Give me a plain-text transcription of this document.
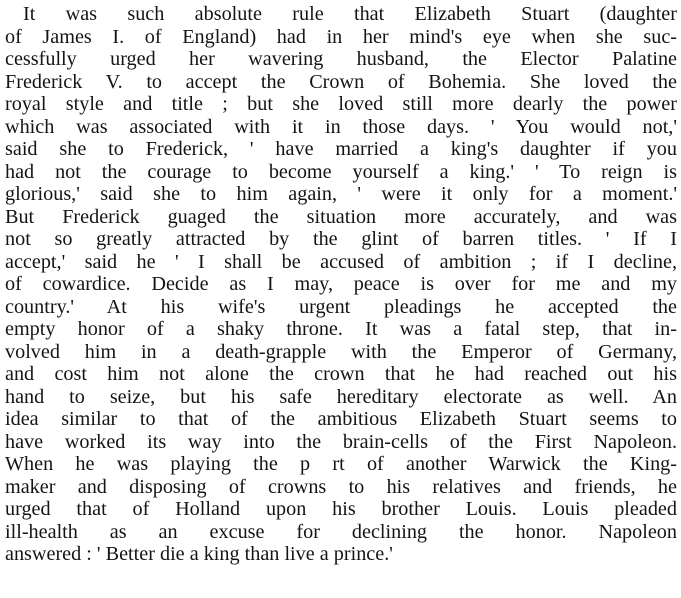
It was such absolute rule that Elizabeth Stuart (daughter
of James I. of England) had in her mind's eye when she suc-
cessfully urged her wavering husband, the Elector Palatine
Frederick V. to accept the Crown of Bohemia. She loved the
royal style and title ; but she loved still more dearly the power
which was associated with it in those days. ' You would not,'
said she to Frederick, ' have married a king's daughter if you
had not the courage to become yourself a king.' ' To reign is
glorious,' said she to him again, ' were it only for a moment.'
But Frederick guaged the situation more accurately, and was
not so greatly attracted by the glint of barren titles. ' If I
accept,' said he ' I shall be accused of ambition ; if I decline,
of cowardice. Decide as I may, peace is over for me and my
country.' At his wife's urgent pleadings he accepted the
empty honor of a shaky throne. It was a fatal step, that in-
volved him in a death-grapple with the Emperor of Germany,
and cost him not alone the crown that he had reached out his
hand to seize, but his safe hereditary electorate as well. An
idea similar to that of the ambitious Elizabeth Stuart seems to
have worked its way into the brain-cells of the First Napoleon.
When he was playing the p rt of another Warwick the King-
maker and disposing of crowns to his relatives and friends, he
urged that of Holland upon his brother Louis. Louis pleaded
ill-health as an excuse for declining the honor. Napoleon
answered : ' Better die a king than live a prince.'
